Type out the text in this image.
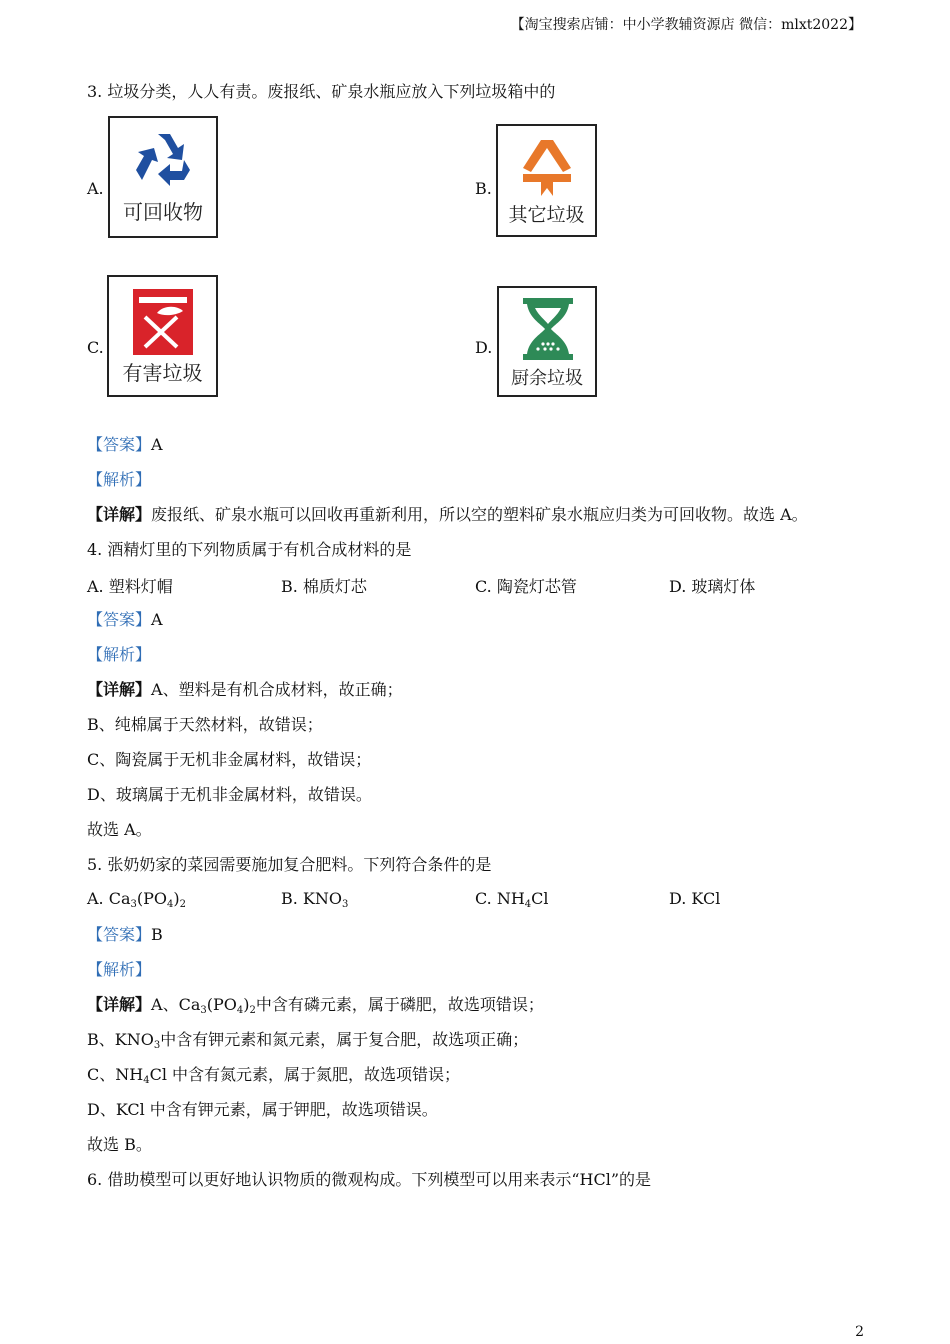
【淘宝搜索店铺：中小学教辅资源店 微信：mlxt2022】
3. 垃圾分类，人人有责。废报纸、矿泉水瓶应放入下列垃圾箱中的
A.
可回收物
B.
其它垃圾
C.
有害垃圾
D.
厨余垃圾
【答案】A
【解析】
【详解】废报纸、矿泉水瓶可以回收再重新利用，所以空的塑料矿泉水瓶应归类为可回收物。故选 A。
4. 酒精灯里的下列物质属于有机合成材料的是
A. 塑料灯帽	B. 棉质灯芯	C. 陶瓷灯芯管	D. 玻璃灯体
【答案】A
【解析】
【详解】A、塑料是有机合成材料，故正确；
B、纯棉属于天然材料，故错误；
C、陶瓷属于无机非金属材料，故错误；
D、玻璃属于无机非金属材料，故错误。
故选 A。
5. 张奶奶家的菜园需要施加复合肥料。下列符合条件的是
A. $Ca_3(PO_4)_2$	B. $KNO_3$	C. $NH_4Cl$	D. KCl
【答案】B
【解析】
【详解】A、$Ca_3(PO_4)_2$中含有磷元素，属于磷肥，故选项错误；
B、$KNO_3$中含有钾元素和氮元素，属于复合肥，故选项正确；
C、$NH_4Cl$ 中含有氮元素，属于氮肥，故选项错误；
D、KCl 中含有钾元素，属于钾肥，故选项错误。
故选 B。
6. 借助模型可以更好地认识物质的微观构成。下列模型可以用来表示“HCl”的是
2
